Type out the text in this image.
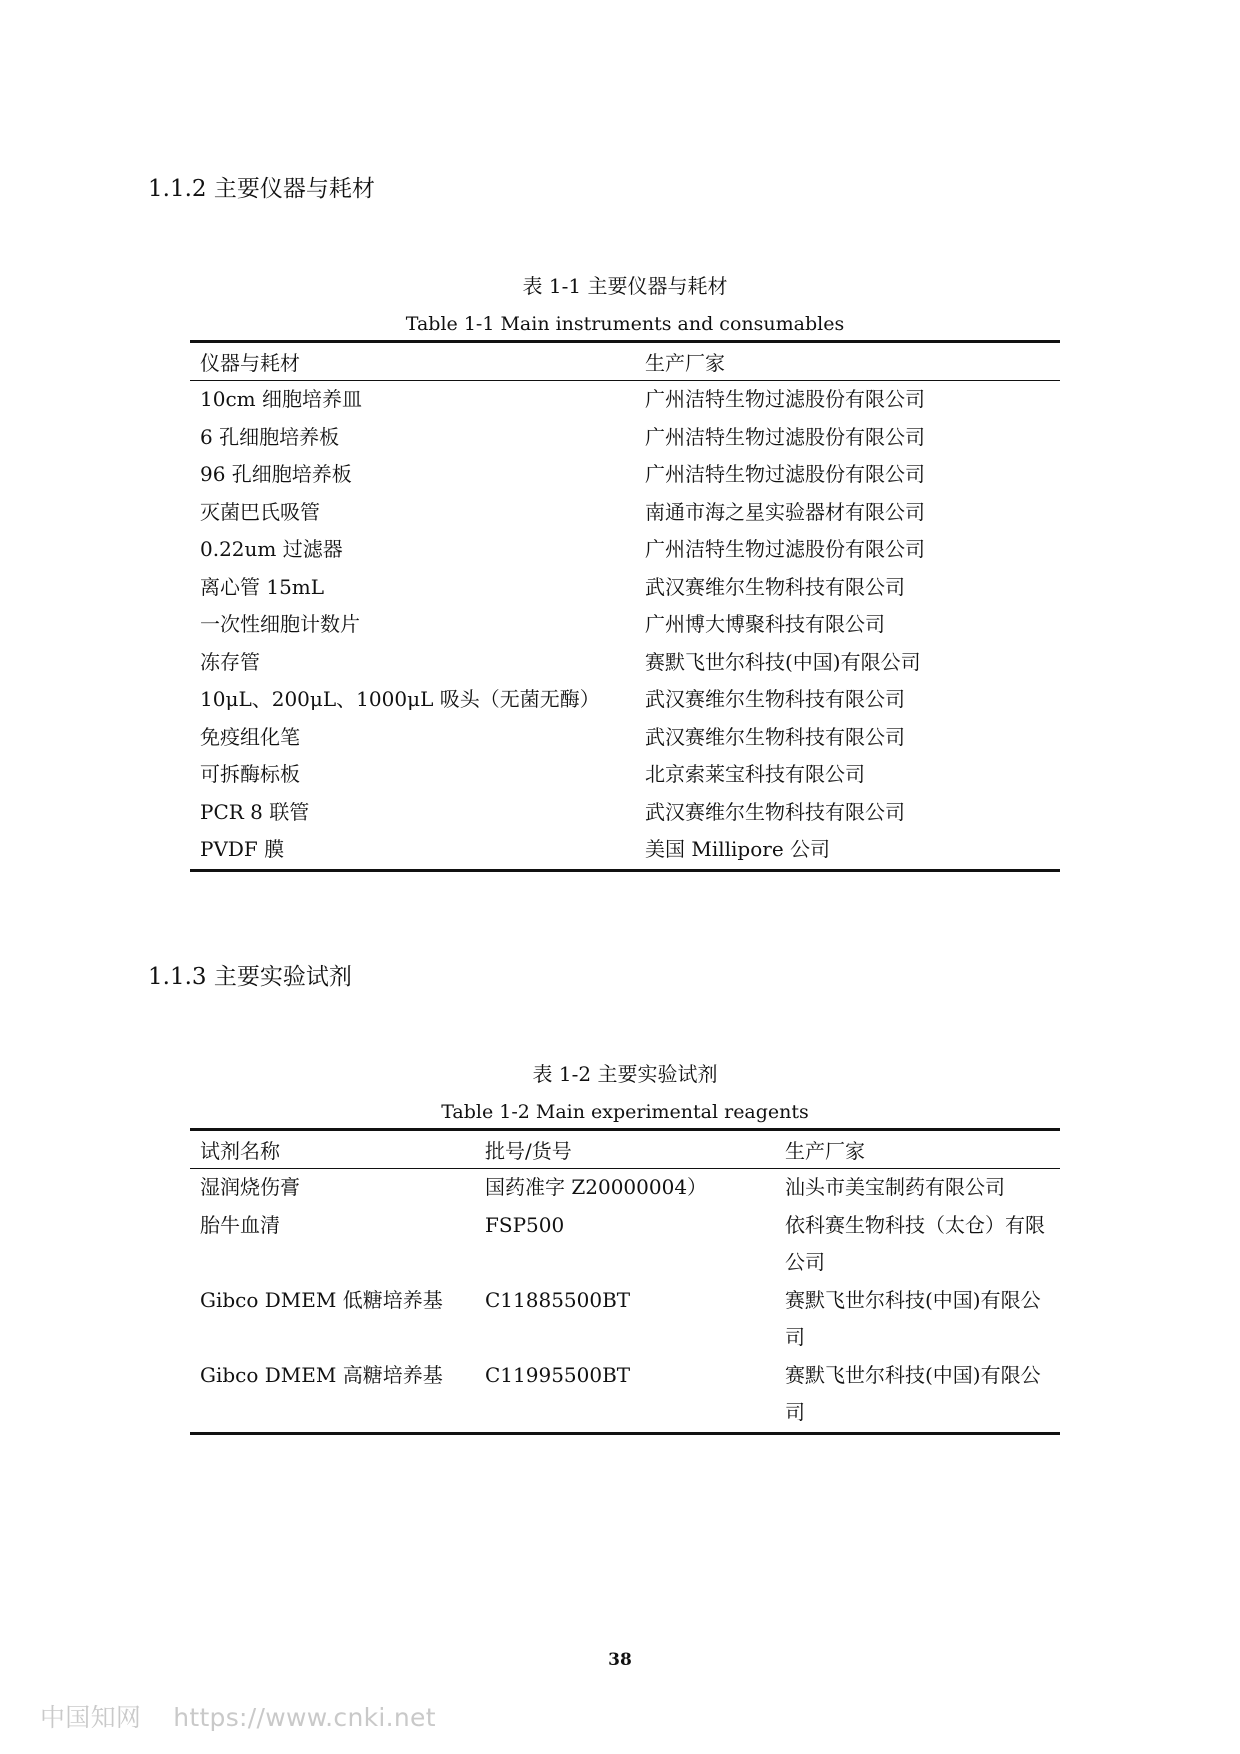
1.1.2 主要仪器与耗材
表 1-1 主要仪器与耗材
Table 1-1 Main instruments and consumables
仪器与耗材	生产厂家
10cm 细胞培养皿	广州洁特生物过滤股份有限公司
6 孔细胞培养板	广州洁特生物过滤股份有限公司
96 孔细胞培养板	广州洁特生物过滤股份有限公司
灭菌巴氏吸管	南通市海之星实验器材有限公司
0.22um 过滤器	广州洁特生物过滤股份有限公司
离心管 15mL	武汉赛维尔生物科技有限公司
一次性细胞计数片	广州博大博聚科技有限公司
冻存管	赛默飞世尔科技(中国)有限公司
10μL、200μL、1000μL 吸头（无菌无酶）	武汉赛维尔生物科技有限公司
免疫组化笔	武汉赛维尔生物科技有限公司
可拆酶标板	北京索莱宝科技有限公司
PCR 8 联管	武汉赛维尔生物科技有限公司
PVDF 膜	美国 Millipore 公司
1.1.3 主要实验试剂
表 1-2 主要实验试剂
Table 1-2 Main experimental reagents
试剂名称	批号/货号	生产厂家
湿润烧伤膏	国药准字 Z20000004）	汕头市美宝制药有限公司
胎牛血清	FSP500	依科赛生物科技（太仓）有限公司
Gibco DMEM 低糖培养基	C11885500BT	赛默飞世尔科技(中国)有限公司
Gibco DMEM 高糖培养基	C11995500BT	赛默飞世尔科技(中国)有限公司
38
中国知网 https://www.cnki.net
